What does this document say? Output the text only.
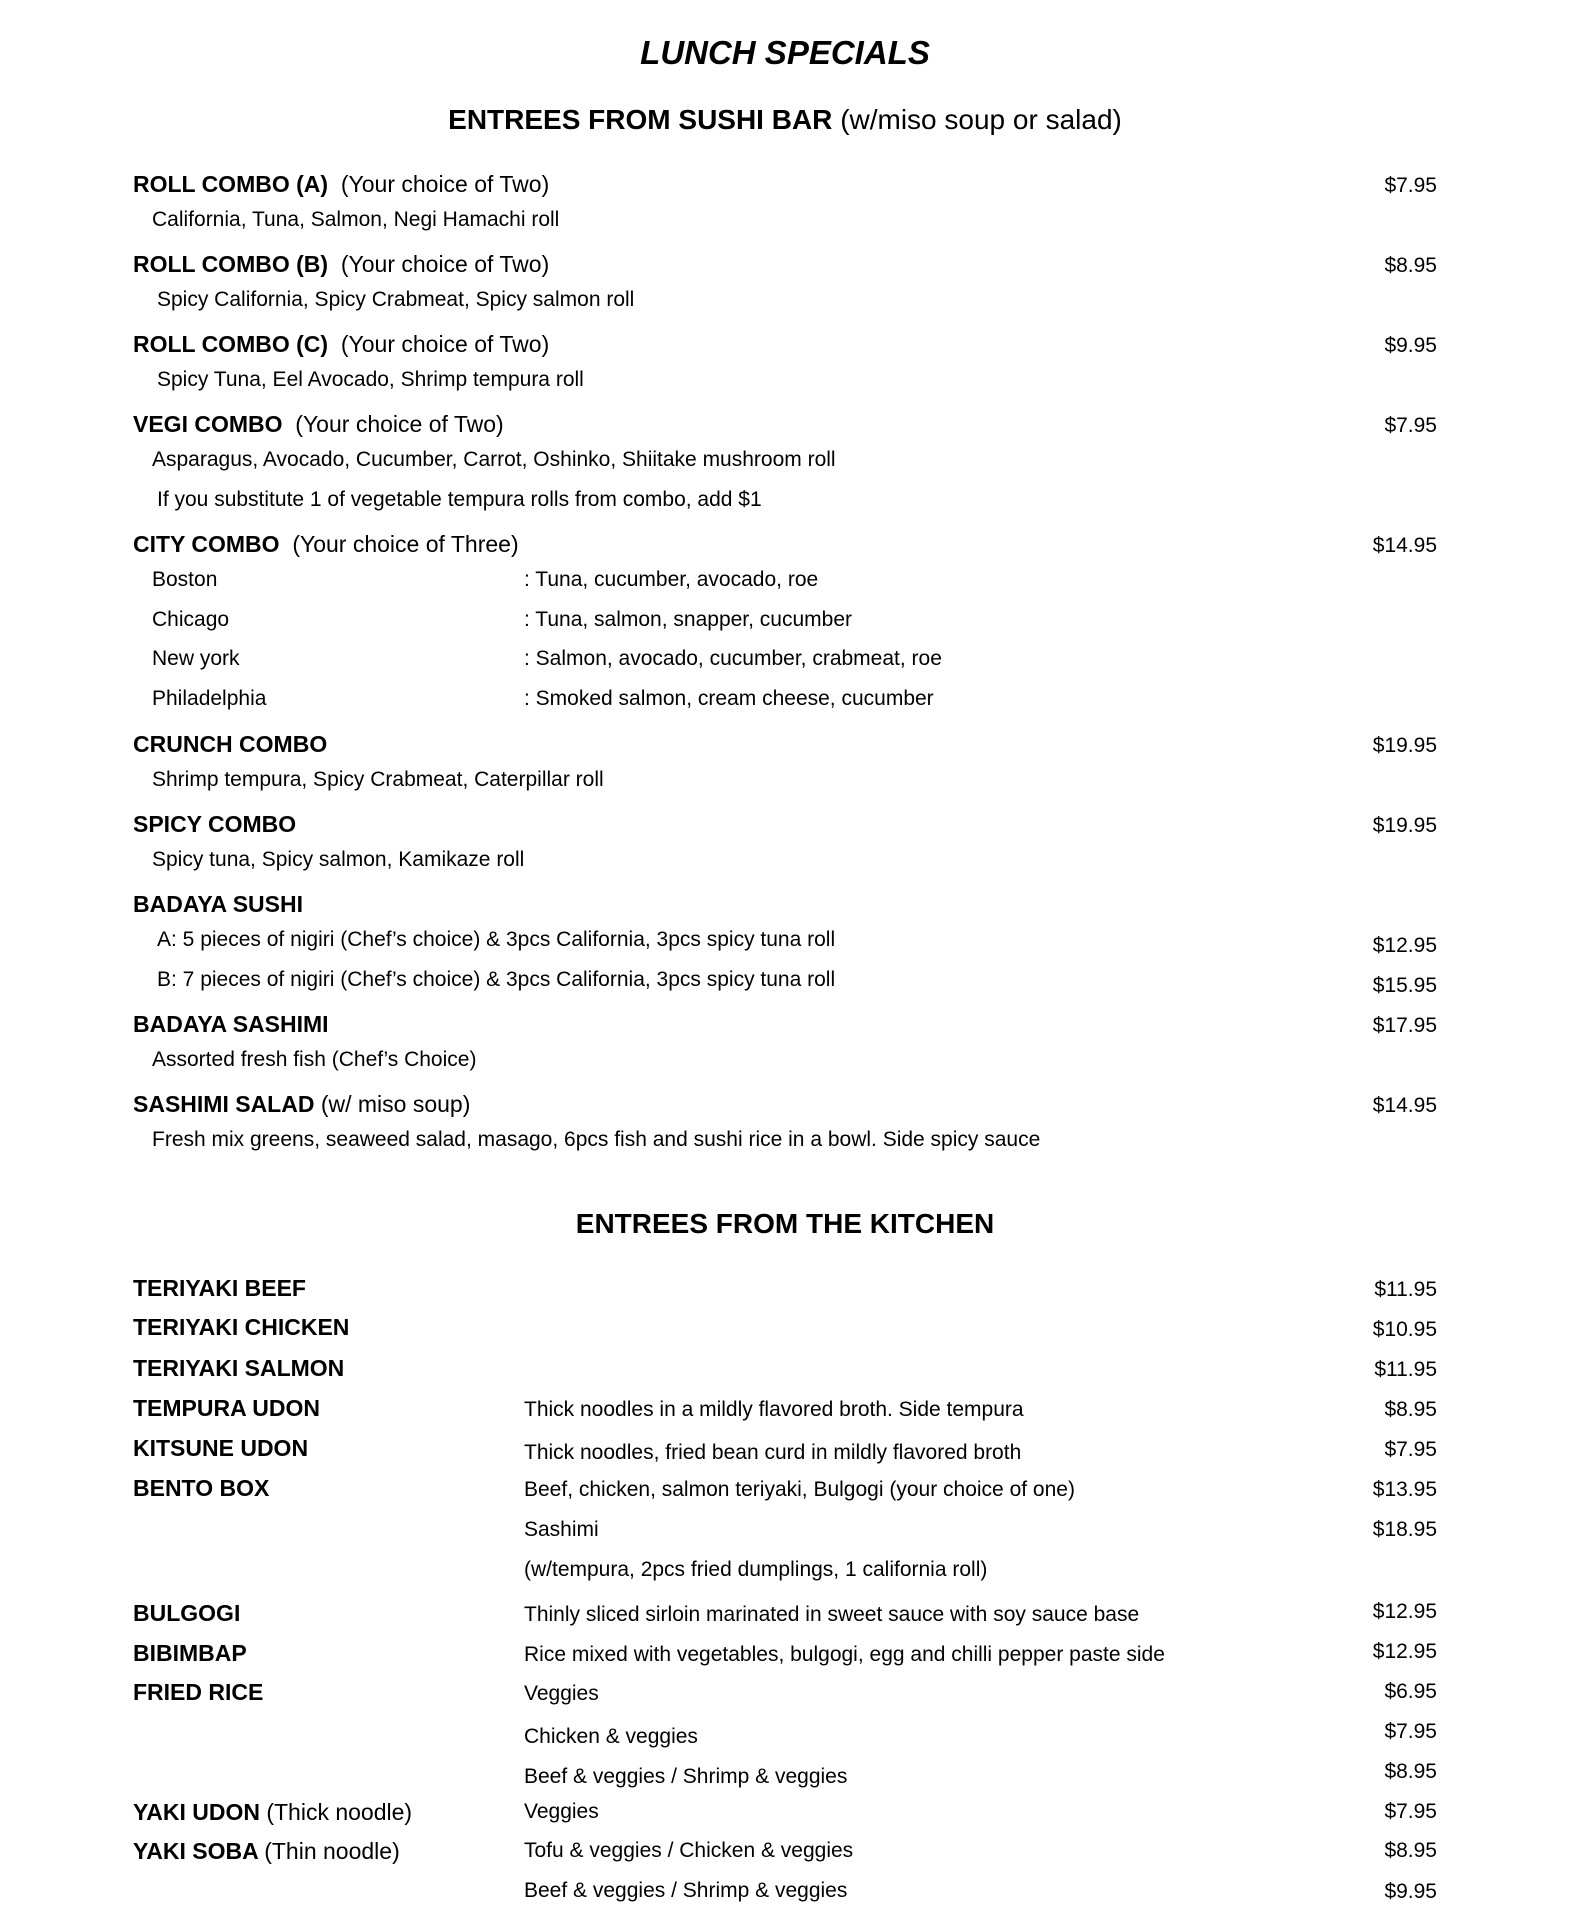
LUNCH SPECIALS
ENTREES FROM SUSHI BAR (w/miso soup or salad)
ROLL COMBO (A) (Your choice of Two)	$7.95
California, Tuna, Salmon, Negi Hamachi roll
ROLL COMBO (B) (Your choice of Two)	$8.95
Spicy California, Spicy Crabmeat, Spicy salmon roll
ROLL COMBO (C) (Your choice of Two)	$9.95
Spicy Tuna, Eel Avocado, Shrimp tempura roll
VEGI COMBO (Your choice of Two)	$7.95
Asparagus, Avocado, Cucumber, Carrot, Oshinko, Shiitake mushroom roll
If you substitute 1 of vegetable tempura rolls from combo, add $1
CITY COMBO (Your choice of Three)	$14.95
Boston	: Tuna, cucumber, avocado, roe
Chicago	: Tuna, salmon, snapper, cucumber
New york	: Salmon, avocado, cucumber, crabmeat, roe
Philadelphia	: Smoked salmon, cream cheese, cucumber
CRUNCH COMBO	$19.95
Shrimp tempura, Spicy Crabmeat, Caterpillar roll
SPICY COMBO	$19.95
Spicy tuna, Spicy salmon, Kamikaze roll
BADAYA SUSHI
A: 5 pieces of nigiri (Chef’s choice) & 3pcs California, 3pcs spicy tuna roll	$12.95
B: 7 pieces of nigiri (Chef’s choice) & 3pcs California, 3pcs spicy tuna roll	$15.95
BADAYA SASHIMI	$17.95
Assorted fresh fish (Chef’s Choice)
SASHIMI SALAD (w/ miso soup)	$14.95
Fresh mix greens, seaweed salad, masago, 6pcs fish and sushi rice in a bowl. Side spicy sauce
ENTREES FROM THE KITCHEN
TERIYAKI BEEF	$11.95
TERIYAKI CHICKEN	$10.95
TERIYAKI SALMON	$11.95
TEMPURA UDON	Thick noodles in a mildly flavored broth. Side tempura	$8.95
KITSUNE UDON	Thick noodles, fried bean curd in mildly flavored broth	$7.95
BENTO BOX	Beef, chicken, salmon teriyaki, Bulgogi (your choice of one)	$13.95
Sashimi	$18.95
(w/tempura, 2pcs fried dumplings, 1 california roll)
BULGOGI	Thinly sliced sirloin marinated in sweet sauce with soy sauce base	$12.95
BIBIMBAP	Rice mixed with vegetables, bulgogi, egg and chilli pepper paste side	$12.95
FRIED RICE	Veggies	$6.95
Chicken & veggies	$7.95
Beef & veggies / Shrimp & veggies	$8.95
YAKI UDON (Thick noodle)	Veggies	$7.95
YAKI SOBA (Thin noodle)	Tofu & veggies / Chicken & veggies	$8.95
Beef & veggies / Shrimp & veggies	$9.95
